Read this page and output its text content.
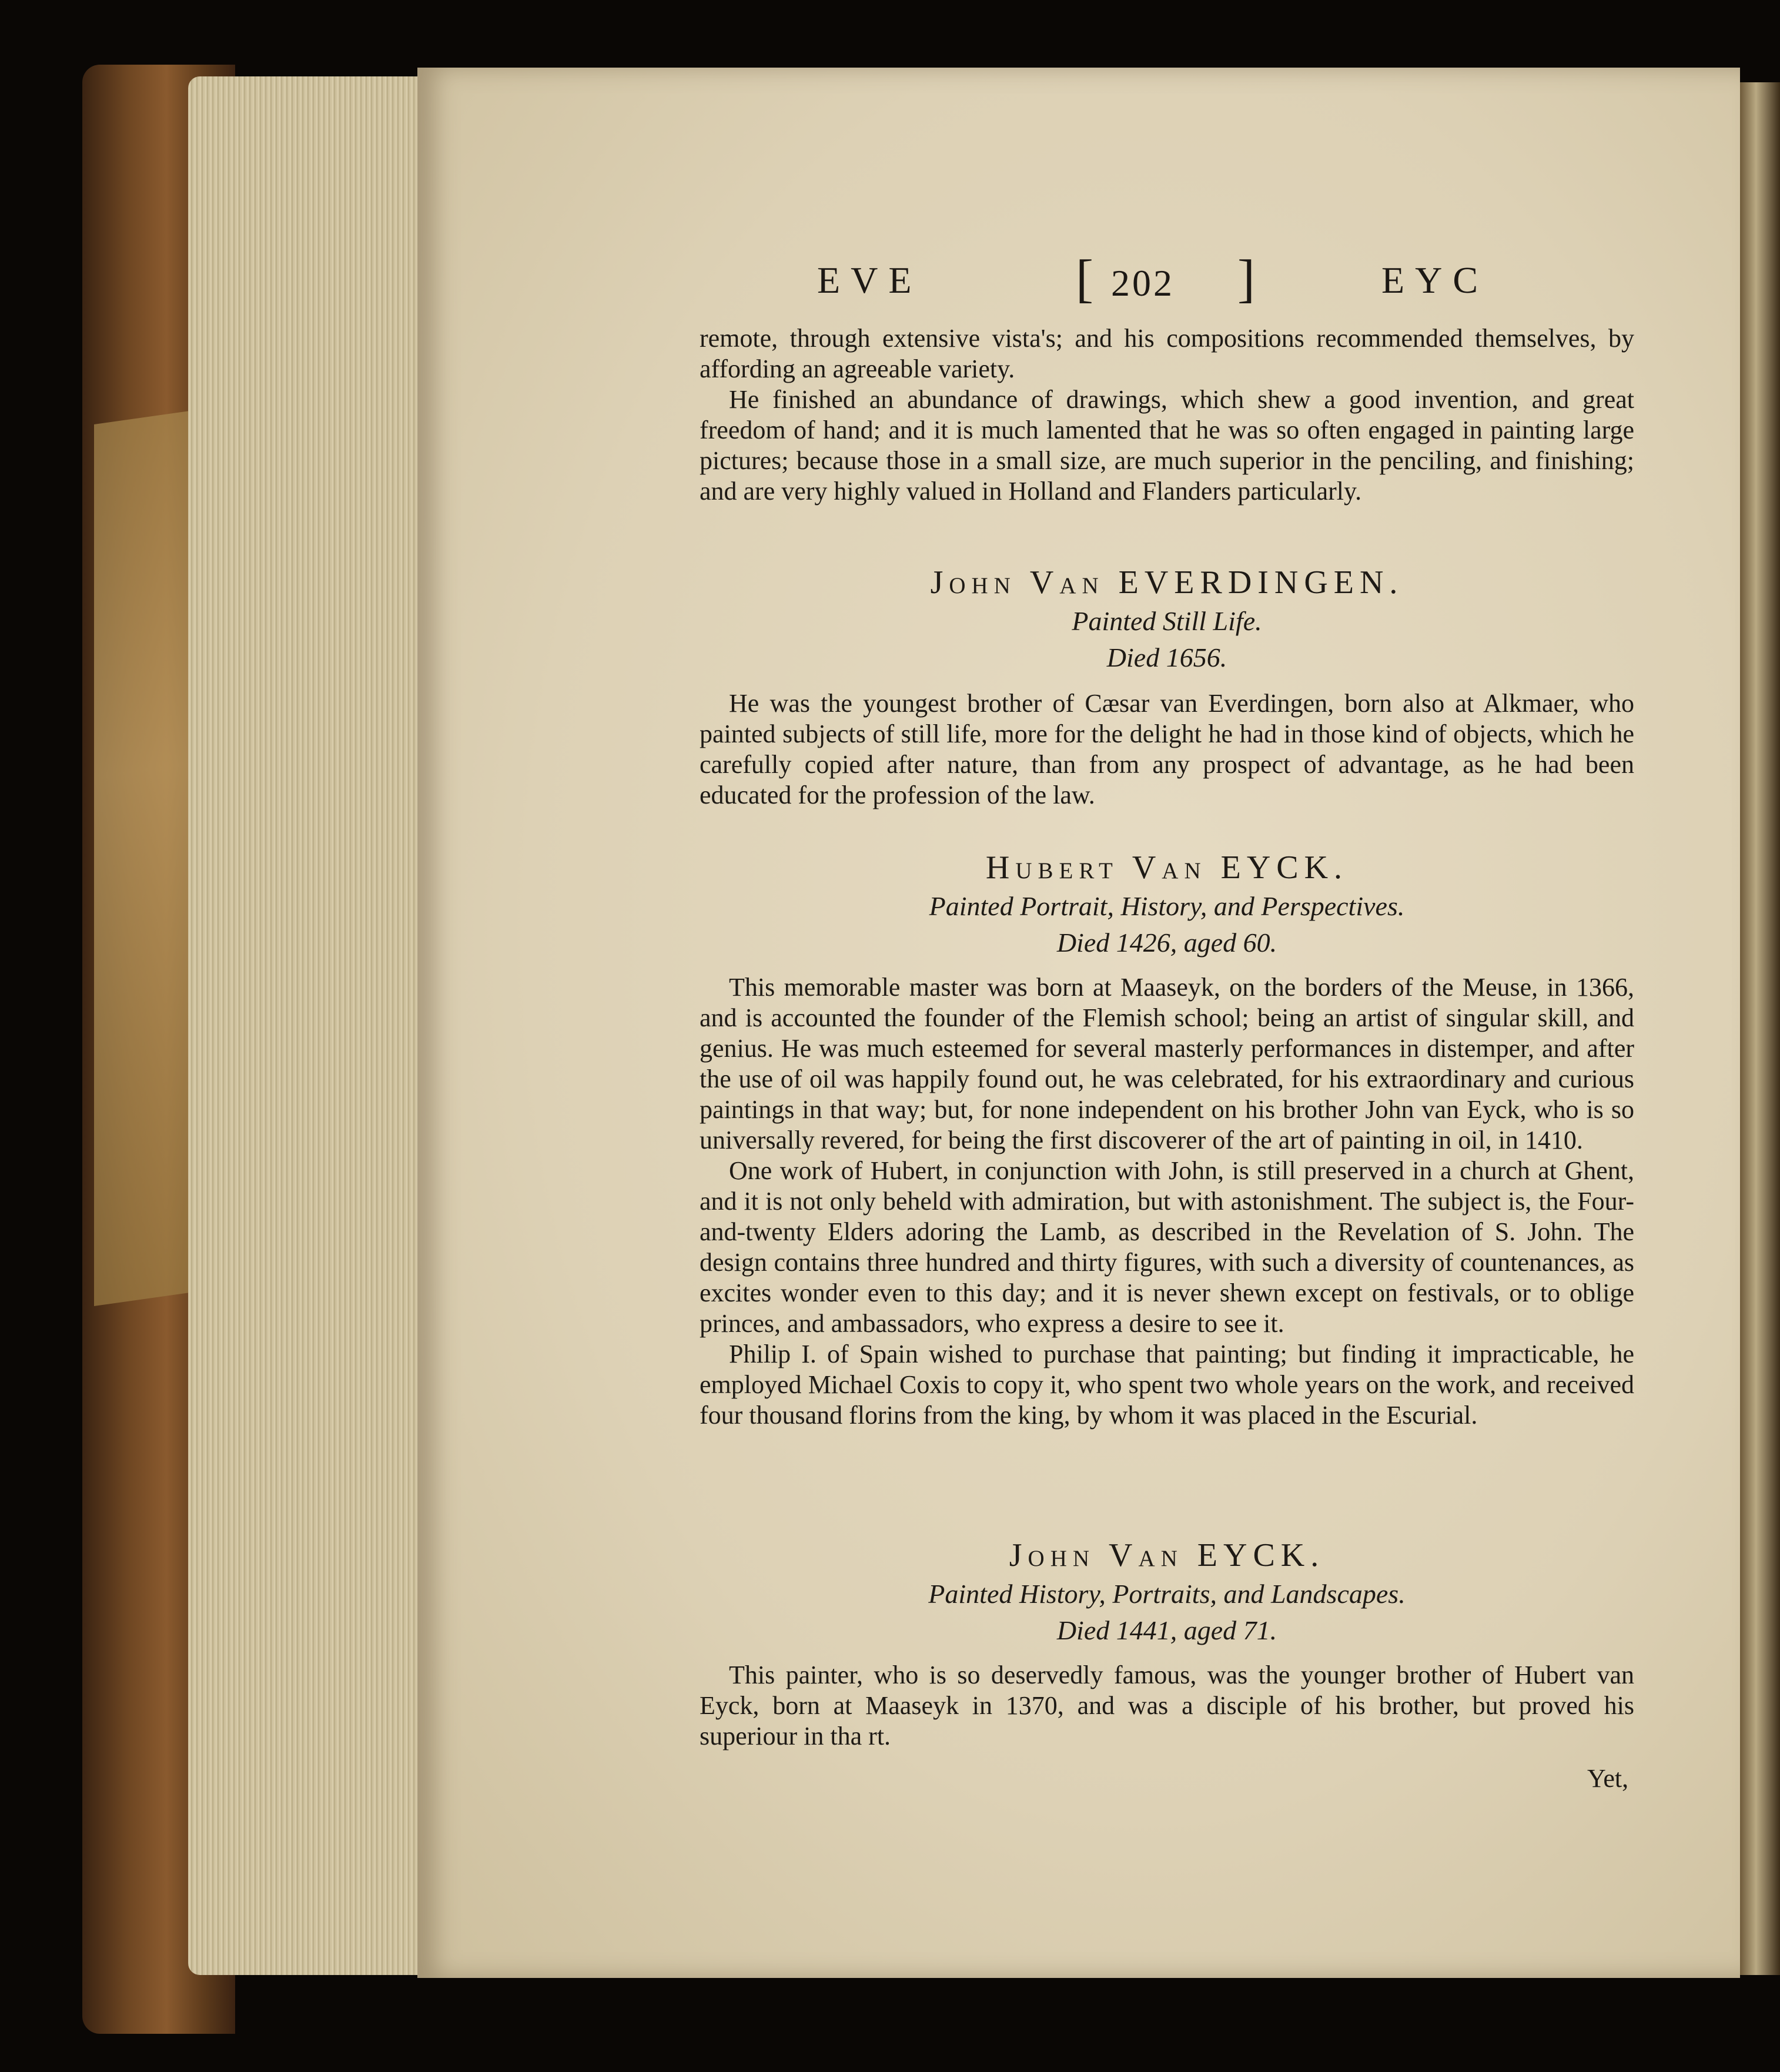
EVE	[ 202 ]	EYC

remote, through extensive vista's; and his compositions recommended themselves, by affording an agreeable variety.

He finished an abundance of drawings, which shew a good invention, and great freedom of hand; and it is much lamented that he was so often engaged in painting large pictures; because those in a small size, are much superior in the penciling, and finishing; and are very highly valued in Holland and Flanders particularly.

John Van EVERDINGEN.

Painted Still Life.

Died 1656.

He was the youngest brother of Cæsar van Everdingen, born also at Alkmaer, who painted subjects of still life, more for the delight he had in those kind of objects, which he carefully copied after nature, than from any prospect of advantage, as he had been educated for the profession of the law.

Hubert Van EYCK.

Painted Portrait, History, and Perspectives.

Died 1426, aged 60.

This memorable master was born at Maaseyk, on the borders of the Meuse, in 1366, and is accounted the founder of the Flemish school; being an artist of singular skill, and genius. He was much esteemed for several masterly performances in distemper, and after the use of oil was happily found out, he was celebrated, for his extraordinary and curious paintings in that way; but, for none independent on his brother John van Eyck, who is so universally revered, for being the first discoverer of the art of painting in oil, in 1410.

One work of Hubert, in conjunction with John, is still preserved in a church at Ghent, and it is not only beheld with admiration, but with astonishment. The subject is, the Four-and-twenty Elders adoring the Lamb, as described in the Revelation of S. John. The design contains three hundred and thirty figures, with such a diversity of countenances, as excites wonder even to this day; and it is never shewn except on festivals, or to oblige princes, and ambassadors, who express a desire to see it.

Philip I. of Spain wished to purchase that painting; but finding it impracticable, he employed Michael Coxis to copy it, who spent two whole years on the work, and received four thousand florins from the king, by whom it was placed in the Escurial.

John Van EYCK.

Painted History, Portraits, and Landscapes.

Died 1441, aged 71.

This painter, who is so deservedly famous, was the younger brother of Hubert van Eyck, born at Maaseyk in 1370, and was a disciple of his brother, but proved his superiour in tha rt.

Yet,
